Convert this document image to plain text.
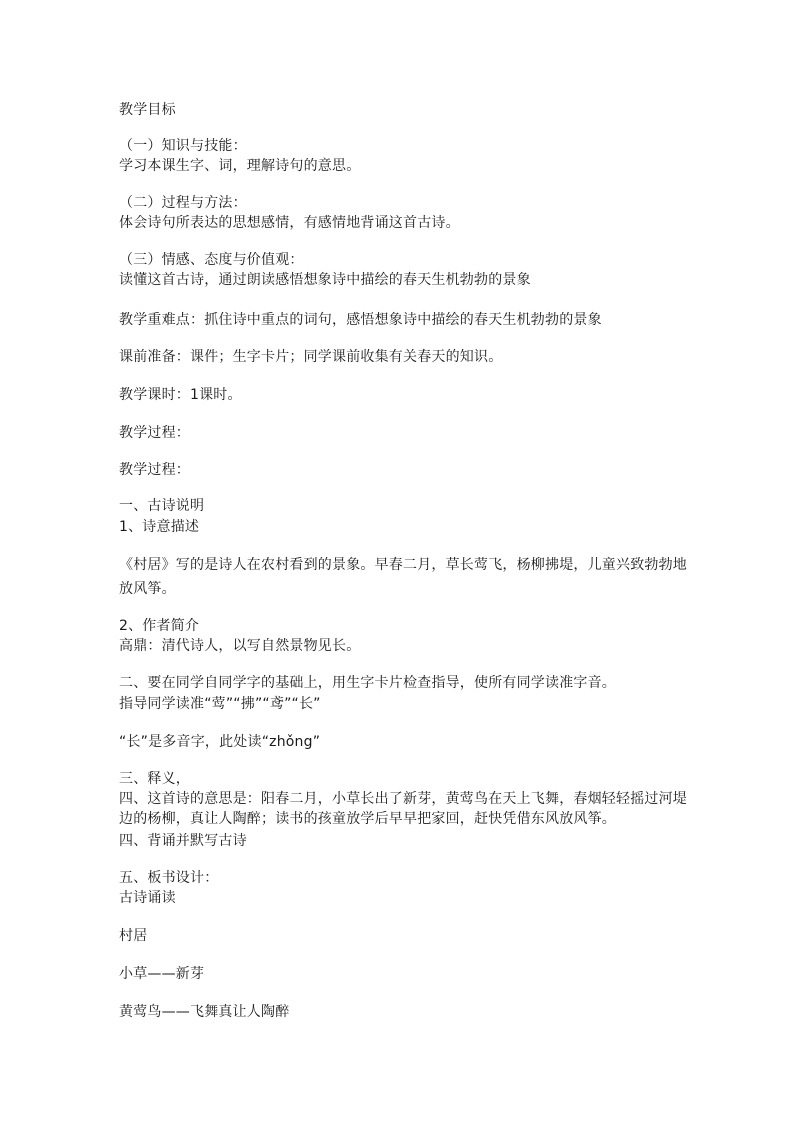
教学目标
（一）知识与技能：
学习本课生字、词，理解诗句的意思。
（二）过程与方法：
体会诗句所表达的思想感情，有感情地背诵这首古诗。
（三）情感、态度与价值观：
读懂这首古诗，通过朗读感悟想象诗中描绘的春天生机勃勃的景象
教学重难点：抓住诗中重点的词句，感悟想象诗中描绘的春天生机勃勃的景象
课前准备：课件；生字卡片；同学课前收集有关春天的知识。
教学课时：1课时。
教学过程：
教学过程：
一、古诗说明
1、诗意描述
《村居》写的是诗人在农村看到的景象。早春二月，草长莺飞，杨柳拂堤，儿童兴致勃勃地
放风筝。
2、作者简介
高鼎：清代诗人，以写自然景物见长。
二、要在同学自同学字的基础上，用生字卡片检查指导，使所有同学读准字音。
指导同学读准“莺”“拂”“鸢”“长”
“长”是多音字，此处读“zhǒng”
三、释义，
四、这首诗的意思是：阳春二月，小草长出了新芽，黄莺鸟在天上飞舞，春烟轻轻摇过河堤
边的杨柳，真让人陶醉；读书的孩童放学后早早把家回，赶快凭借东风放风筝。
四、背诵并默写古诗
五、板书设计：
古诗诵读
村居
小草——新芽
黄莺鸟——飞舞真让人陶醉
